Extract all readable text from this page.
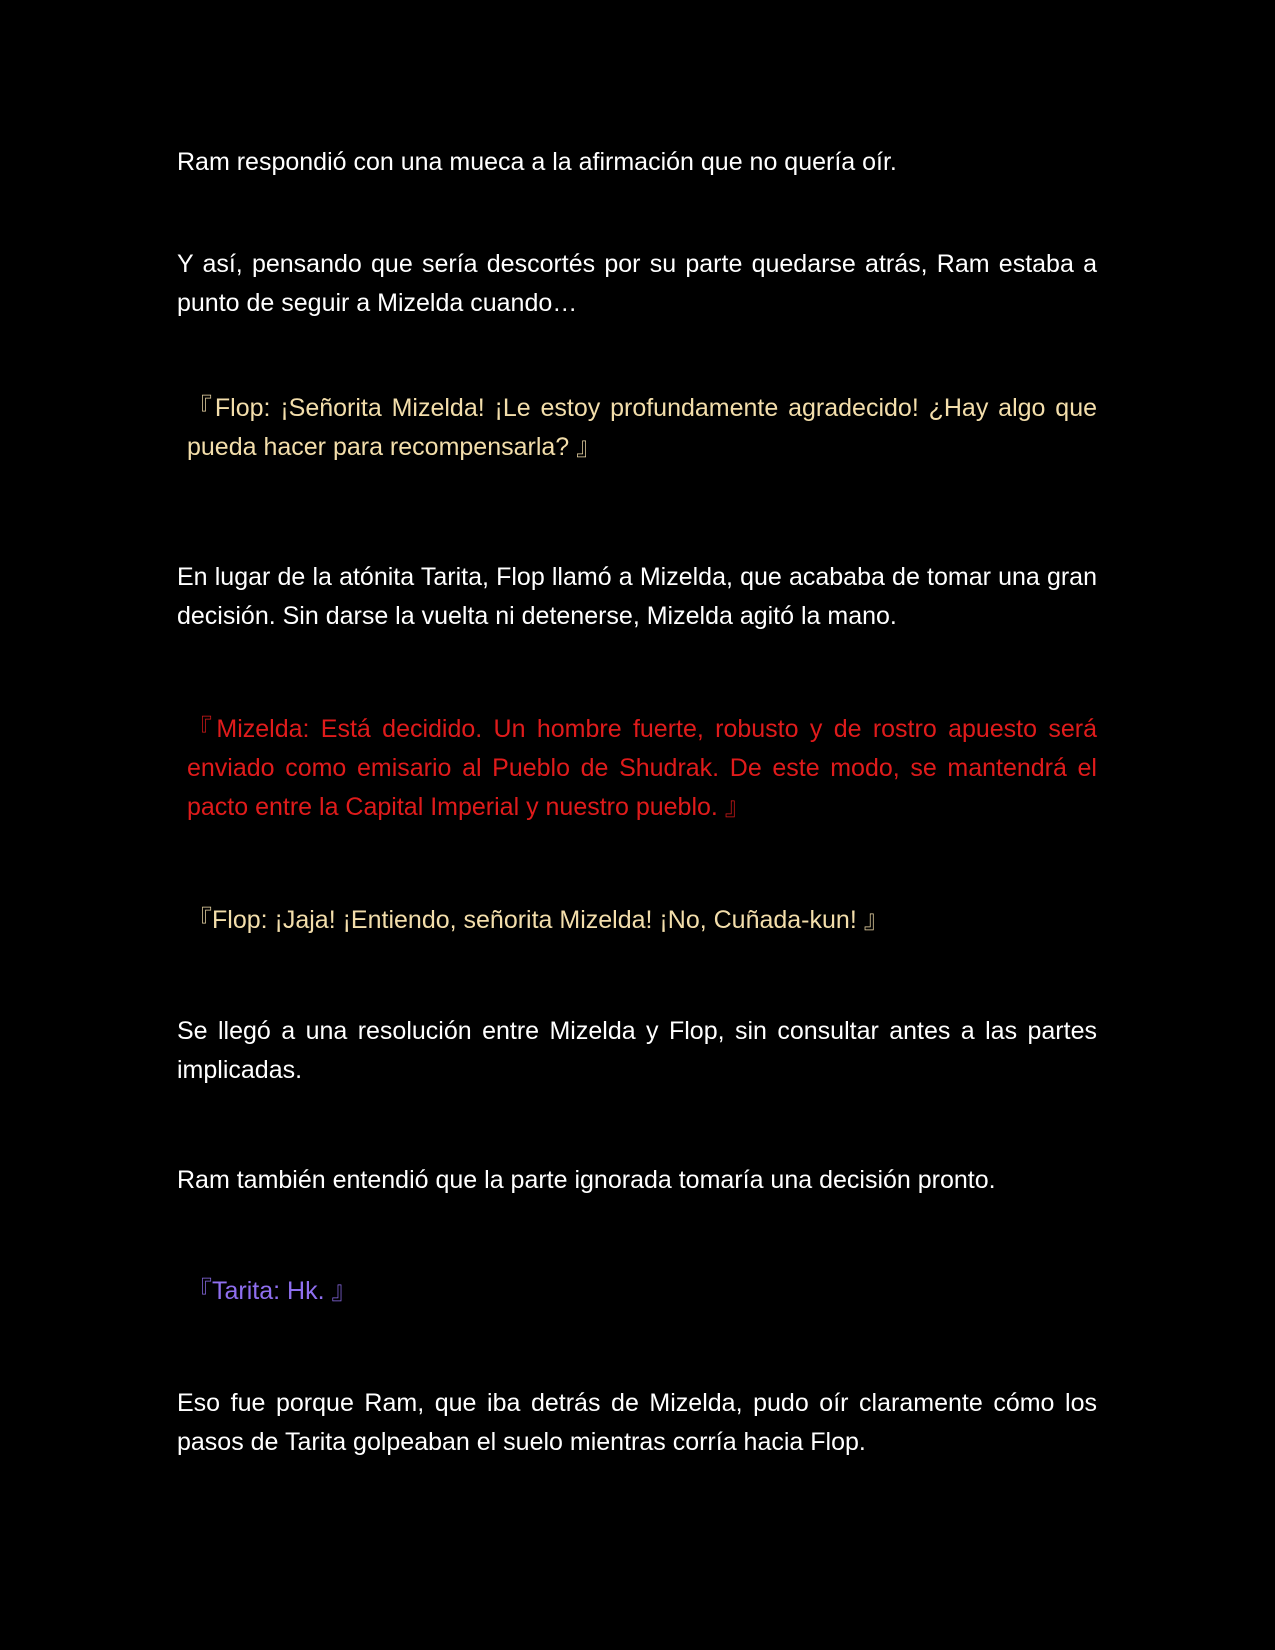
Ram respondió con una mueca a la afirmación que no quería oír.

Y así, pensando que sería descortés por su parte quedarse atrás, Ram estaba a punto de seguir a Mizelda cuando…

『Flop: ¡Señorita Mizelda! ¡Le estoy profundamente agradecido! ¿Hay algo que pueda hacer para recompensarla? 』

En lugar de la atónita Tarita, Flop llamó a Mizelda, que acababa de tomar una gran decisión. Sin darse la vuelta ni detenerse, Mizelda agitó la mano.

『Mizelda: Está decidido. Un hombre fuerte, robusto y de rostro apuesto será enviado como emisario al Pueblo de Shudrak. De este modo, se mantendrá el pacto entre la Capital Imperial y nuestro pueblo. 』

『Flop: ¡Jaja! ¡Entiendo, señorita Mizelda! ¡No, Cuñada-kun! 』

Se llegó a una resolución entre Mizelda y Flop, sin consultar antes a las partes implicadas.

Ram también entendió que la parte ignorada tomaría una decisión pronto.

『Tarita: Hk. 』

Eso fue porque Ram, que iba detrás de Mizelda, pudo oír claramente cómo los pasos de Tarita golpeaban el suelo mientras corría hacia Flop.
